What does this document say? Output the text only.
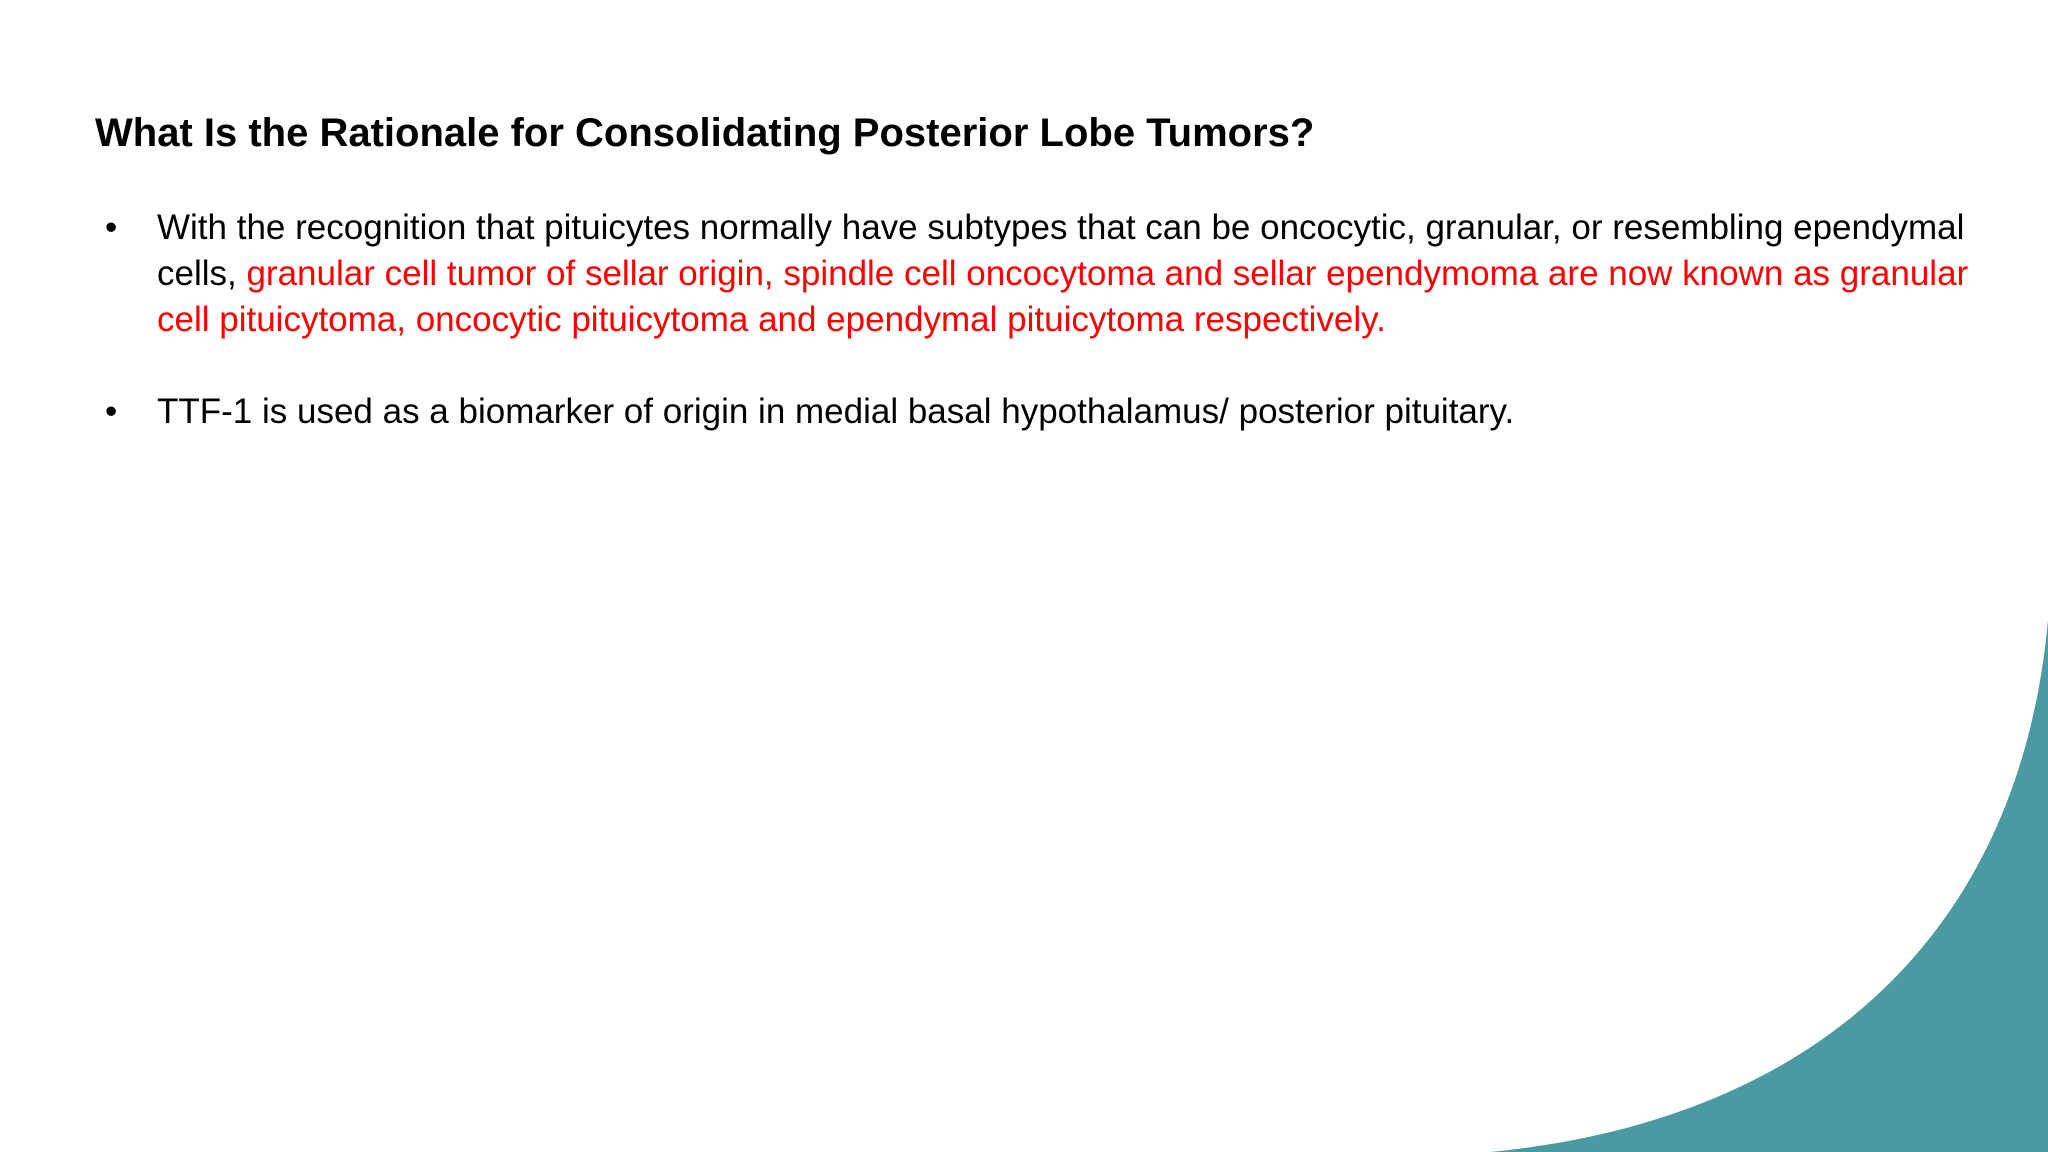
What Is the Rationale for Consolidating Posterior Lobe Tumors?
• With the recognition that pituicytes normally have subtypes that can be oncocytic, granular, or resembling ependymal cells, granular cell tumor of sellar origin, spindle cell oncocytoma and sellar ependymoma are now known as granular cell pituicytoma, oncocytic pituicytoma and ependymal pituicytoma respectively.
• TTF-1 is used as a biomarker of origin in medial basal hypothalamus/ posterior pituitary.
